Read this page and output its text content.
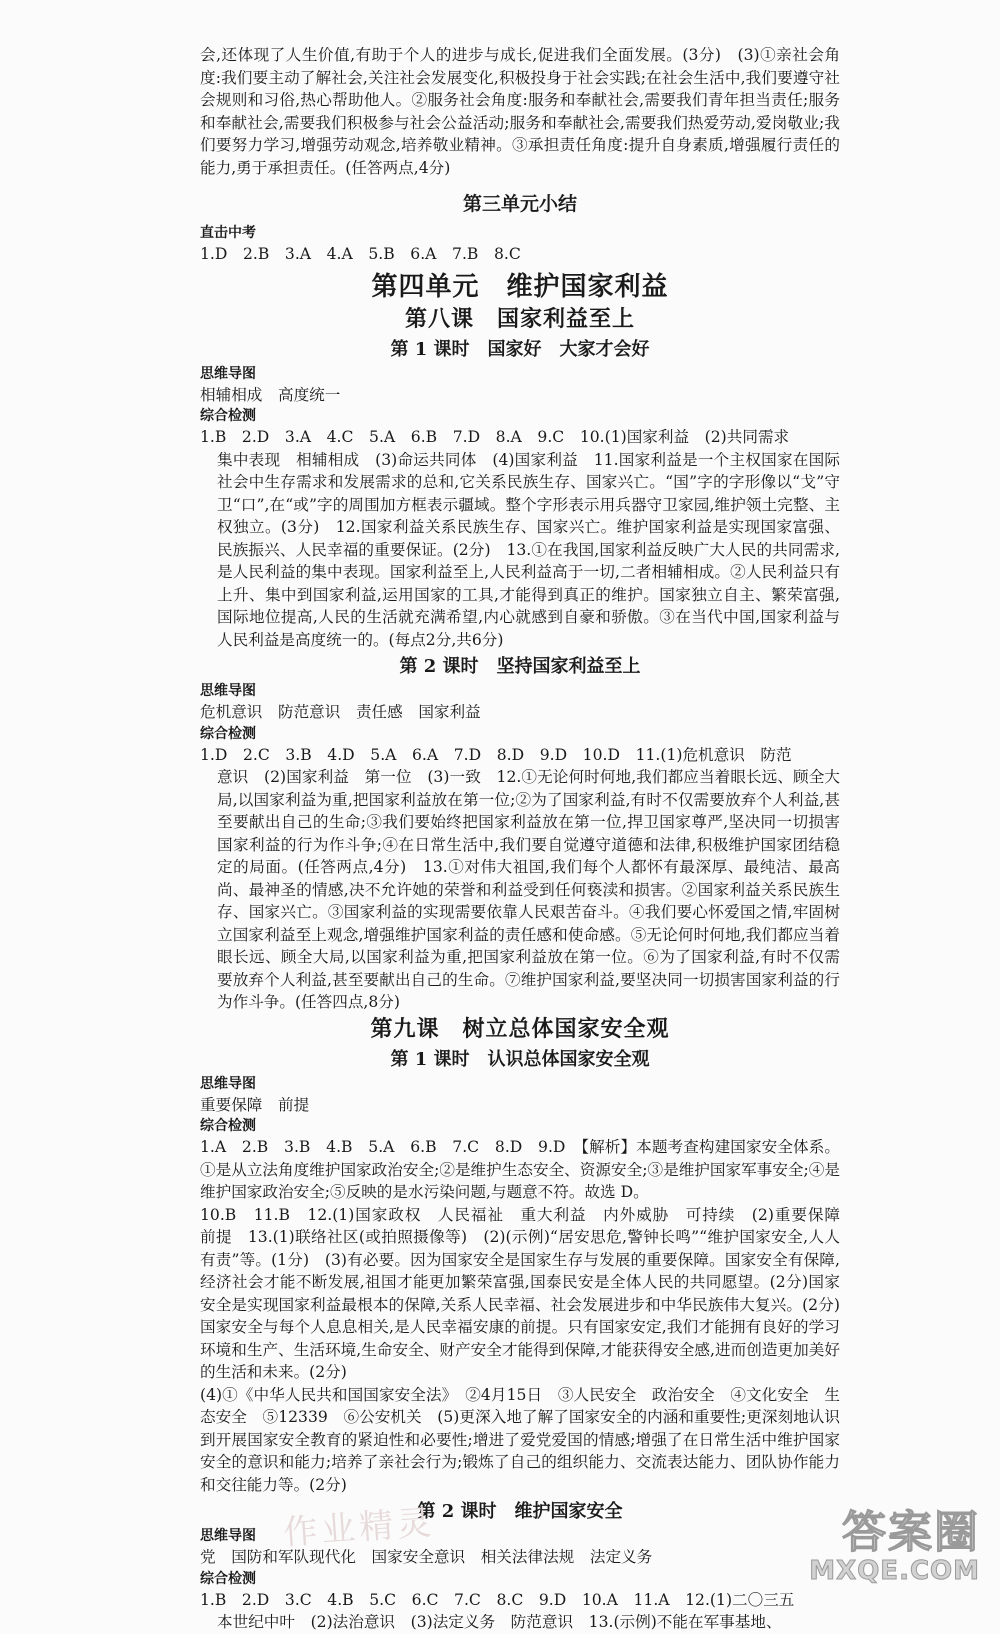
会,还体现了人生价值,有助于个人的进步与成长,促进我们全面发展。(3分)　(3)①亲社会角度:我们要主动了解社会,关注社会发展变化,积极投身于社会实践;在社会生活中,我们要遵守社会规则和习俗,热心帮助他人。②服务社会角度:服务和奉献社会,需要我们青年担当责任;服务和奉献社会,需要我们积极参与社会公益活动;服务和奉献社会,需要我们热爱劳动,爱岗敬业;我们要努力学习,增强劳动观念,培养敬业精神。③承担责任角度:提升自身素质,增强履行责任的能力,勇于承担责任。(任答两点,4分)

第三单元小结
直击中考

1.D　2.B　3.A　4.A　5.B　6.A　7.B　8.C

第四单元　维护国家利益
第八课　国家利益至上
第 1 课时　国家好　大家才会好
思维导图

相辅相成　高度统一

综合检测

1.B　2.D　3.A　4.C　5.A　6.B　7.D　8.A　9.C　10.(1)国家利益　(2)共同需求

集中表现　相辅相成　(3)命运共同体　(4)国家利益　11.国家利益是一个主权国家在国际社会中生存需求和发展需求的总和,它关系民族生存、国家兴亡。“国”字的字形像以“戈”守卫“口”,在“或”字的周围加方框表示疆域。整个字形表示用兵器守卫家园,维护领土完整、主权独立。(3分)　12.国家利益关系民族生存、国家兴亡。维护国家利益是实现国家富强、民族振兴、人民幸福的重要保证。(2分)　13.①在我国,国家利益反映广大人民的共同需求,是人民利益的集中表现。国家利益至上,人民利益高于一切,二者相辅相成。②人民利益只有上升、集中到国家利益,运用国家的工具,才能得到真正的维护。国家独立自主、繁荣富强,国际地位提高,人民的生活就充满希望,内心就感到自豪和骄傲。③在当代中国,国家利益与人民利益是高度统一的。(每点2分,共6分)

第 2 课时　坚持国家利益至上
思维导图

危机意识　防范意识　责任感　国家利益

综合检测

1.D　2.C　3.B　4.D　5.A　6.A　7.D　8.D　9.D　10.D　11.(1)危机意识　防范

意识　(2)国家利益　第一位　(3)一致　12.①无论何时何地,我们都应当着眼长远、顾全大局,以国家利益为重,把国家利益放在第一位;②为了国家利益,有时不仅需要放弃个人利益,甚至要献出自己的生命;③我们要始终把国家利益放在第一位,捍卫国家尊严,坚决同一切损害国家利益的行为作斗争;④在日常生活中,我们要自觉遵守道德和法律,积极维护国家团结稳定的局面。(任答两点,4分)　13.①对伟大祖国,我们每个人都怀有最深厚、最纯洁、最高尚、最神圣的情感,决不允许她的荣誉和利益受到任何亵渎和损害。②国家利益关系民族生存、国家兴亡。③国家利益的实现需要依靠人民艰苦奋斗。④我们要心怀爱国之情,牢固树立国家利益至上观念,增强维护国家利益的责任感和使命感。⑤无论何时何地,我们都应当着眼长远、顾全大局,以国家利益为重,把国家利益放在第一位。⑥为了国家利益,有时不仅需要放弃个人利益,甚至要献出自己的生命。⑦维护国家利益,要坚决同一切损害国家利益的行为作斗争。(任答四点,8分)

第九课　树立总体国家安全观
第 1 课时　认识总体国家安全观
思维导图

重要保障　前提

综合检测

1.A　2.B　3.B　4.B　5.A　6.B　7.C　8.D　9.D　【解析】本题考查构建国家安全体系。①是从立法角度维护国家政治安全;②是维护生态安全、资源安全;③是维护国家军事安全;④是维护国家政治安全;⑤反映的是水污染问题,与题意不符。故选 D。

10.B　11.B　12.(1)国家政权　人民福祉　重大利益　内外威胁　可持续　(2)重要保障　前提　13.(1)联络社区(或拍照摄像等)　(2)(示例)“居安思危,警钟长鸣”“维护国家安全,人人有责”等。(1分)　(3)有必要。因为国家安全是国家生存与发展的重要保障。国家安全有保障,经济社会才能不断发展,祖国才能更加繁荣富强,国泰民安是全体人民的共同愿望。(2分)国家安全是实现国家利益最根本的保障,关系人民幸福、社会发展进步和中华民族伟大复兴。(2分)国家安全与每个人息息相关,是人民幸福安康的前提。只有国家安定,我们才能拥有良好的学习环境和生产、生活环境,生命安全、财产安全才能得到保障,才能获得安全感,进而创造更加美好的生活和未来。(2分)

(4)①《中华人民共和国国家安全法》　②4月15日　③人民安全　政治安全　④文化安全　生态安全　⑤12339　⑥公安机关　(5)更深入地了解了国家安全的内涵和重要性;更深刻地认识到开展国家安全教育的紧迫性和必要性;增进了爱党爱国的情感;增强了在日常生活中维护国家安全的意识和能力;培养了亲社会行为;锻炼了自己的组织能力、交流表达能力、团队协作能力和交往能力等。(2分)

第 2 课时　维护国家安全
思维导图

党　国防和军队现代化　国家安全意识　相关法律法规　法定义务

综合检测

1.B　2.D　3.C　4.B　5.C　6.C　7.C　8.C　9.D　10.A　11.A　12.(1)二〇三五

本世纪中叶　(2)法治意识　(3)法定义务　防范意识　13.(示例)不能在军事基地、

作业精灵	答案圈
MXQE.COM
